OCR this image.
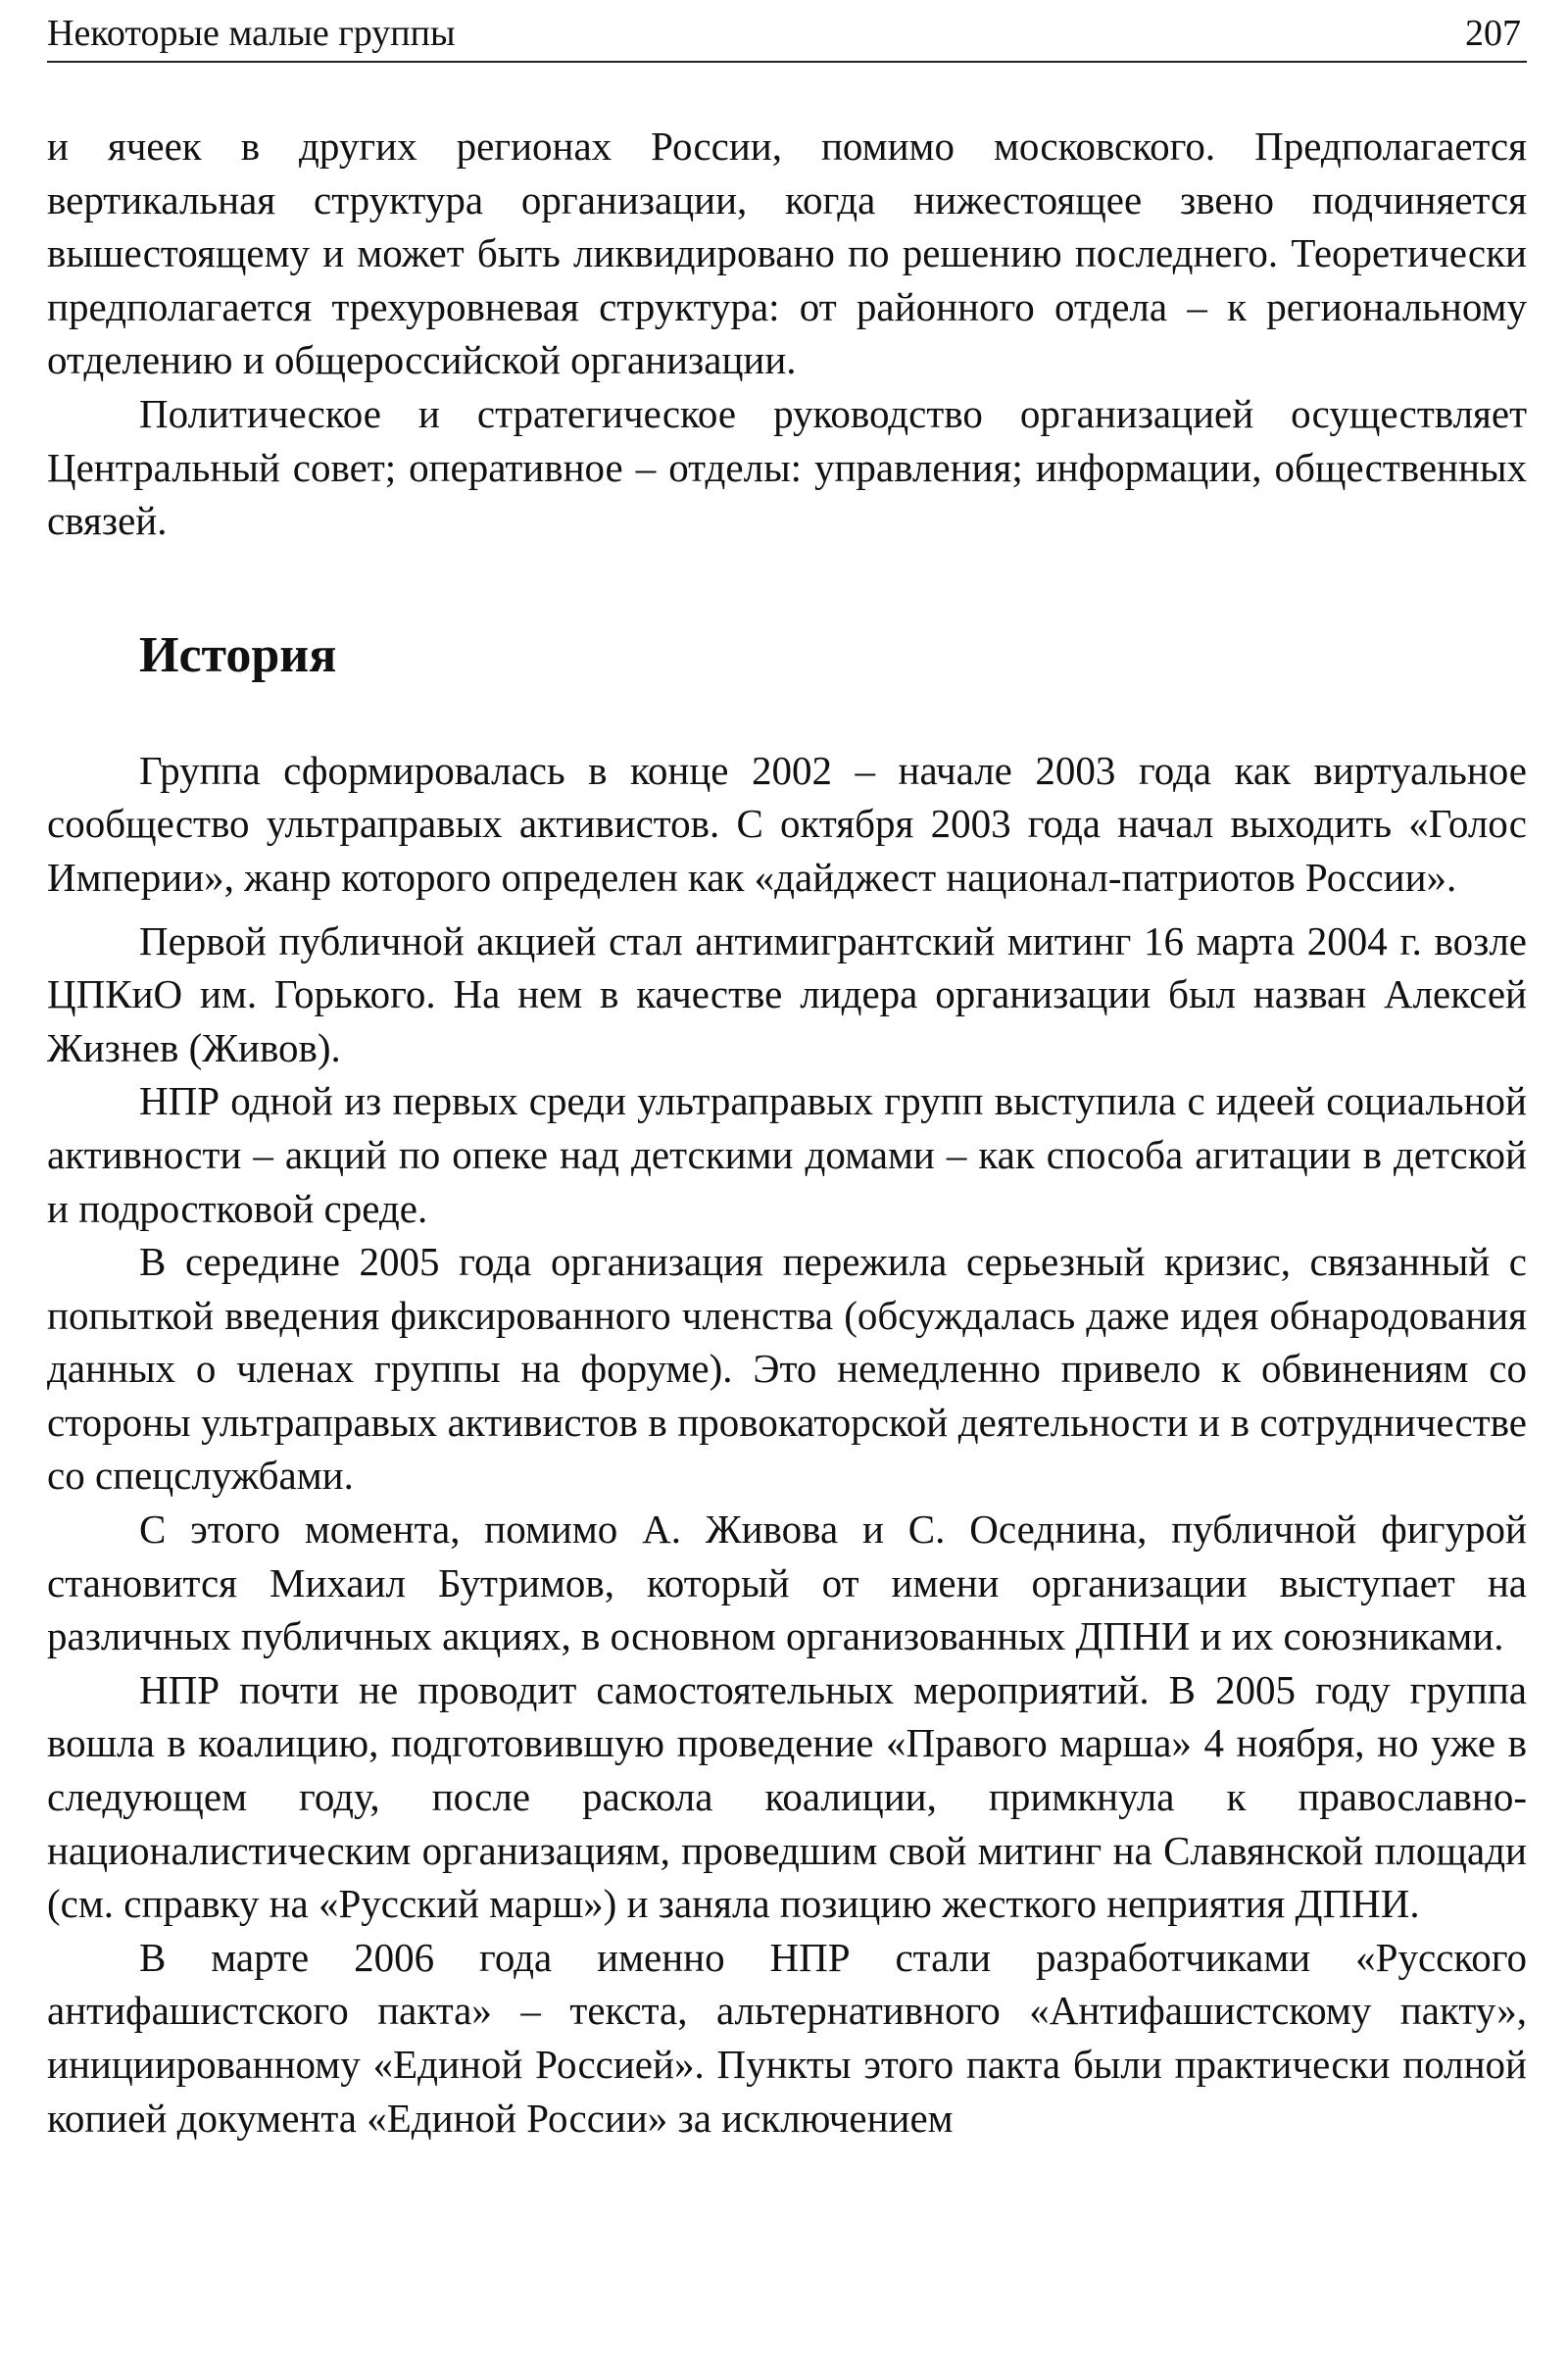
Некоторые малые группы	207

и ячеек в других регионах России, помимо московского. Предполагается вертикальная структура организации, когда нижестоящее звено подчиняется вышестоящему и может быть ликвидировано по решению последнего. Теоретически предполагается трехуровневая структура: от районного отдела – к региональному отделению и общероссийской организации.

Политическое и стратегическое руководство организацией осуществляет Центральный совет; оперативное – отделы: управления; информации, общественных связей.

История

Группа сформировалась в конце 2002 – начале 2003 года как виртуальное сообщество ультраправых активистов. С октября 2003 года начал выходить «Голос Империи», жанр которого определен как «дайджест национал-патриотов России».

Первой публичной акцией стал антимигрантский митинг 16 марта 2004 г. возле ЦПКиО им. Горького. На нем в качестве лидера организации был назван Алексей Жизнев (Живов).

НПР одной из первых среди ультраправых групп выступила с идеей социальной активности – акций по опеке над детскими домами – как способа агитации в детской и подростковой среде.

В середине 2005 года организация пережила серьезный кризис, связанный с попыткой введения фиксированного членства (обсуждалась даже идея обнародования данных о членах группы на форуме). Это немедленно привело к обвинениям со стороны ультраправых активистов в провокаторской деятельности и в сотрудничестве со спецслужбами.

С этого момента, помимо А. Живова и С. Оседнина, публичной фигурой становится Михаил Бутримов, который от имени организации выступает на различных публичных акциях, в основном организованных ДПНИ и их союзниками.

НПР почти не проводит самостоятельных мероприятий. В 2005 году группа вошла в коалицию, подготовившую проведение «Правого марша» 4 ноября, но уже в следующем году, после раскола коалиции, примкнула к православно-националистическим организациям, проведшим свой митинг на Славянской площади (см. справку на «Русский марш») и заняла позицию жесткого неприятия ДПНИ.

В марте 2006 года именно НПР стали разработчиками «Русского антифашистского пакта» – текста, альтернативного «Антифашистскому пакту», инициированному «Единой Россией». Пункты этого пакта были практически полной копией документа «Единой России» за исключением
